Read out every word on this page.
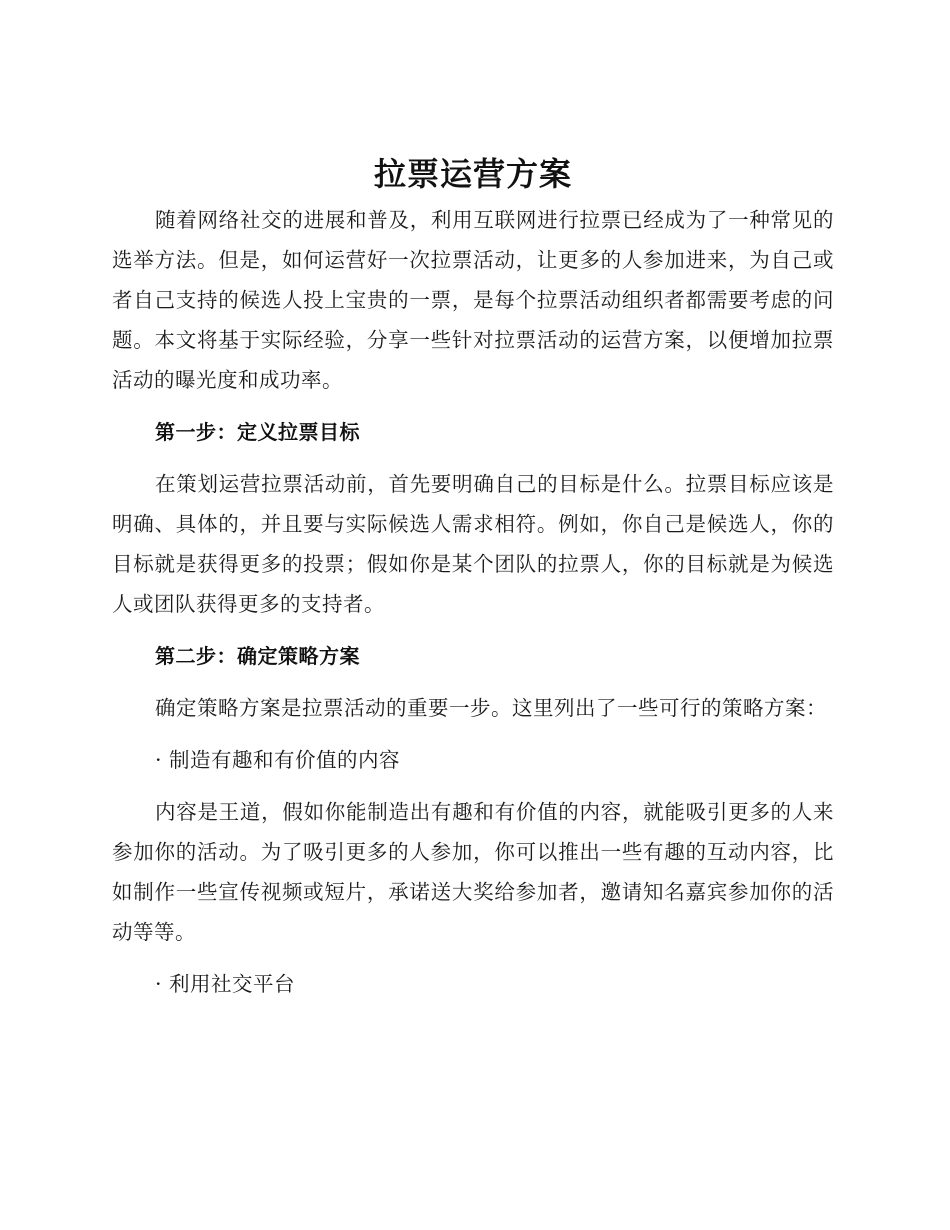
拉票运营方案

随着网络社交的进展和普及，利用互联网进行拉票已经成为了一种常见的选举方法。但是，如何运营好一次拉票活动，让更多的人参加进来，为自己或者自己支持的候选人投上宝贵的一票，是每个拉票活动组织者都需要考虑的问题。本文将基于实际经验，分享一些针对拉票活动的运营方案，以便增加拉票活动的曝光度和成功率。

第一步：定义拉票目标

在策划运营拉票活动前，首先要明确自己的目标是什么。拉票目标应该是明确、具体的，并且要与实际候选人需求相符。例如，你自己是候选人，你的目标就是获得更多的投票；假如你是某个团队的拉票人，你的目标就是为候选人或团队获得更多的支持者。

第二步：确定策略方案

确定策略方案是拉票活动的重要一步。这里列出了一些可行的策略方案：

· 制造有趣和有价值的内容

内容是王道，假如你能制造出有趣和有价值的内容，就能吸引更多的人来参加你的活动。为了吸引更多的人参加，你可以推出一些有趣的互动内容，比如制作一些宣传视频或短片，承诺送大奖给参加者，邀请知名嘉宾参加你的活动等等。

· 利用社交平台
